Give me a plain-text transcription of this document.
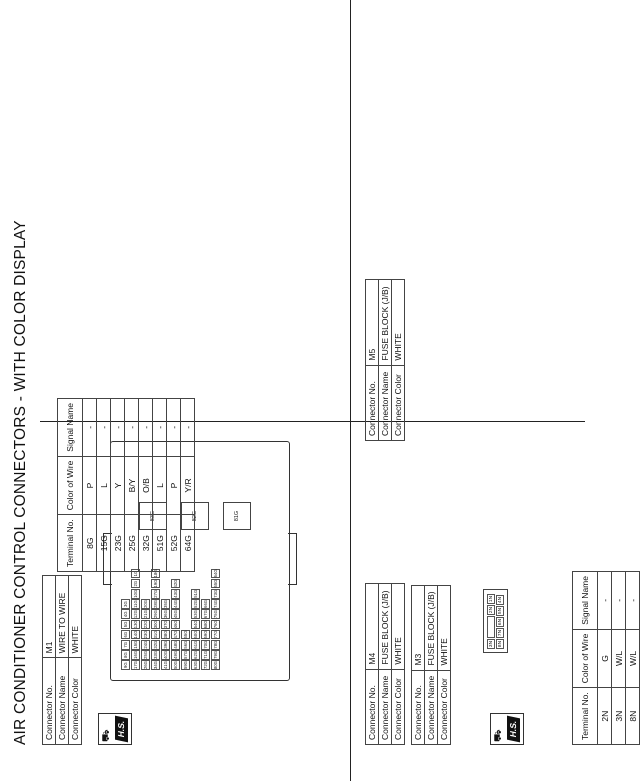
AIR CONDITIONER CONTROL CONNECTORS - WITH COLOR DISPLAY Connector No.	M1
Connector Name	WIRE TO WIRE
Connector Color	WHITE
⛟ H.S.
9G
8G
7G
6G
5G
4G
3G
17G
16G
15G
14G
13G
12G
11G
10G
2G
1G
26G
25G
24G
23G
22G
21G
20G
34G
33G
32G
31G
30G
29G
28G
27G
19G
18G
41G
40G
39G
38G
37G
36G
35G
50G
49G
48G
47G
46G
45G
44G
43G
42G
59G
57G
56G
55G
63G
62G
61G
60G
54G
53G
52G
51G
72G
71G
70G
69G
68G
67G
66G
80G
79G
78G
77G
76G
75G
74G
73G
65G
64G
83G	82G	81G
Terminal No.	Color of Wire	Signal Name
8G	P	-
15G	L	-
23G	Y	-
25G	B/Y	-
32G	O/B	-
51G	L	-
52G	P	-
64G	Y/R	-
Connector No.	M3
Connector Name	FUSE BLOCK (J/B)
Connector Color	WHITE
⛟ H.S.
3N
2N
1N
8N
7N
6N
5N
4N
Terminal No.	Color of Wire	Signal Name
2N	G	-
3N	W/L	-
8N	W/L	-
Connector No.	M4
Connector Name	FUSE BLOCK (J/B)
Connector Color	WHITE
Connector No.	M5
Connector Name	FUSE BLOCK (J/B)
Connector Color	WHITE
